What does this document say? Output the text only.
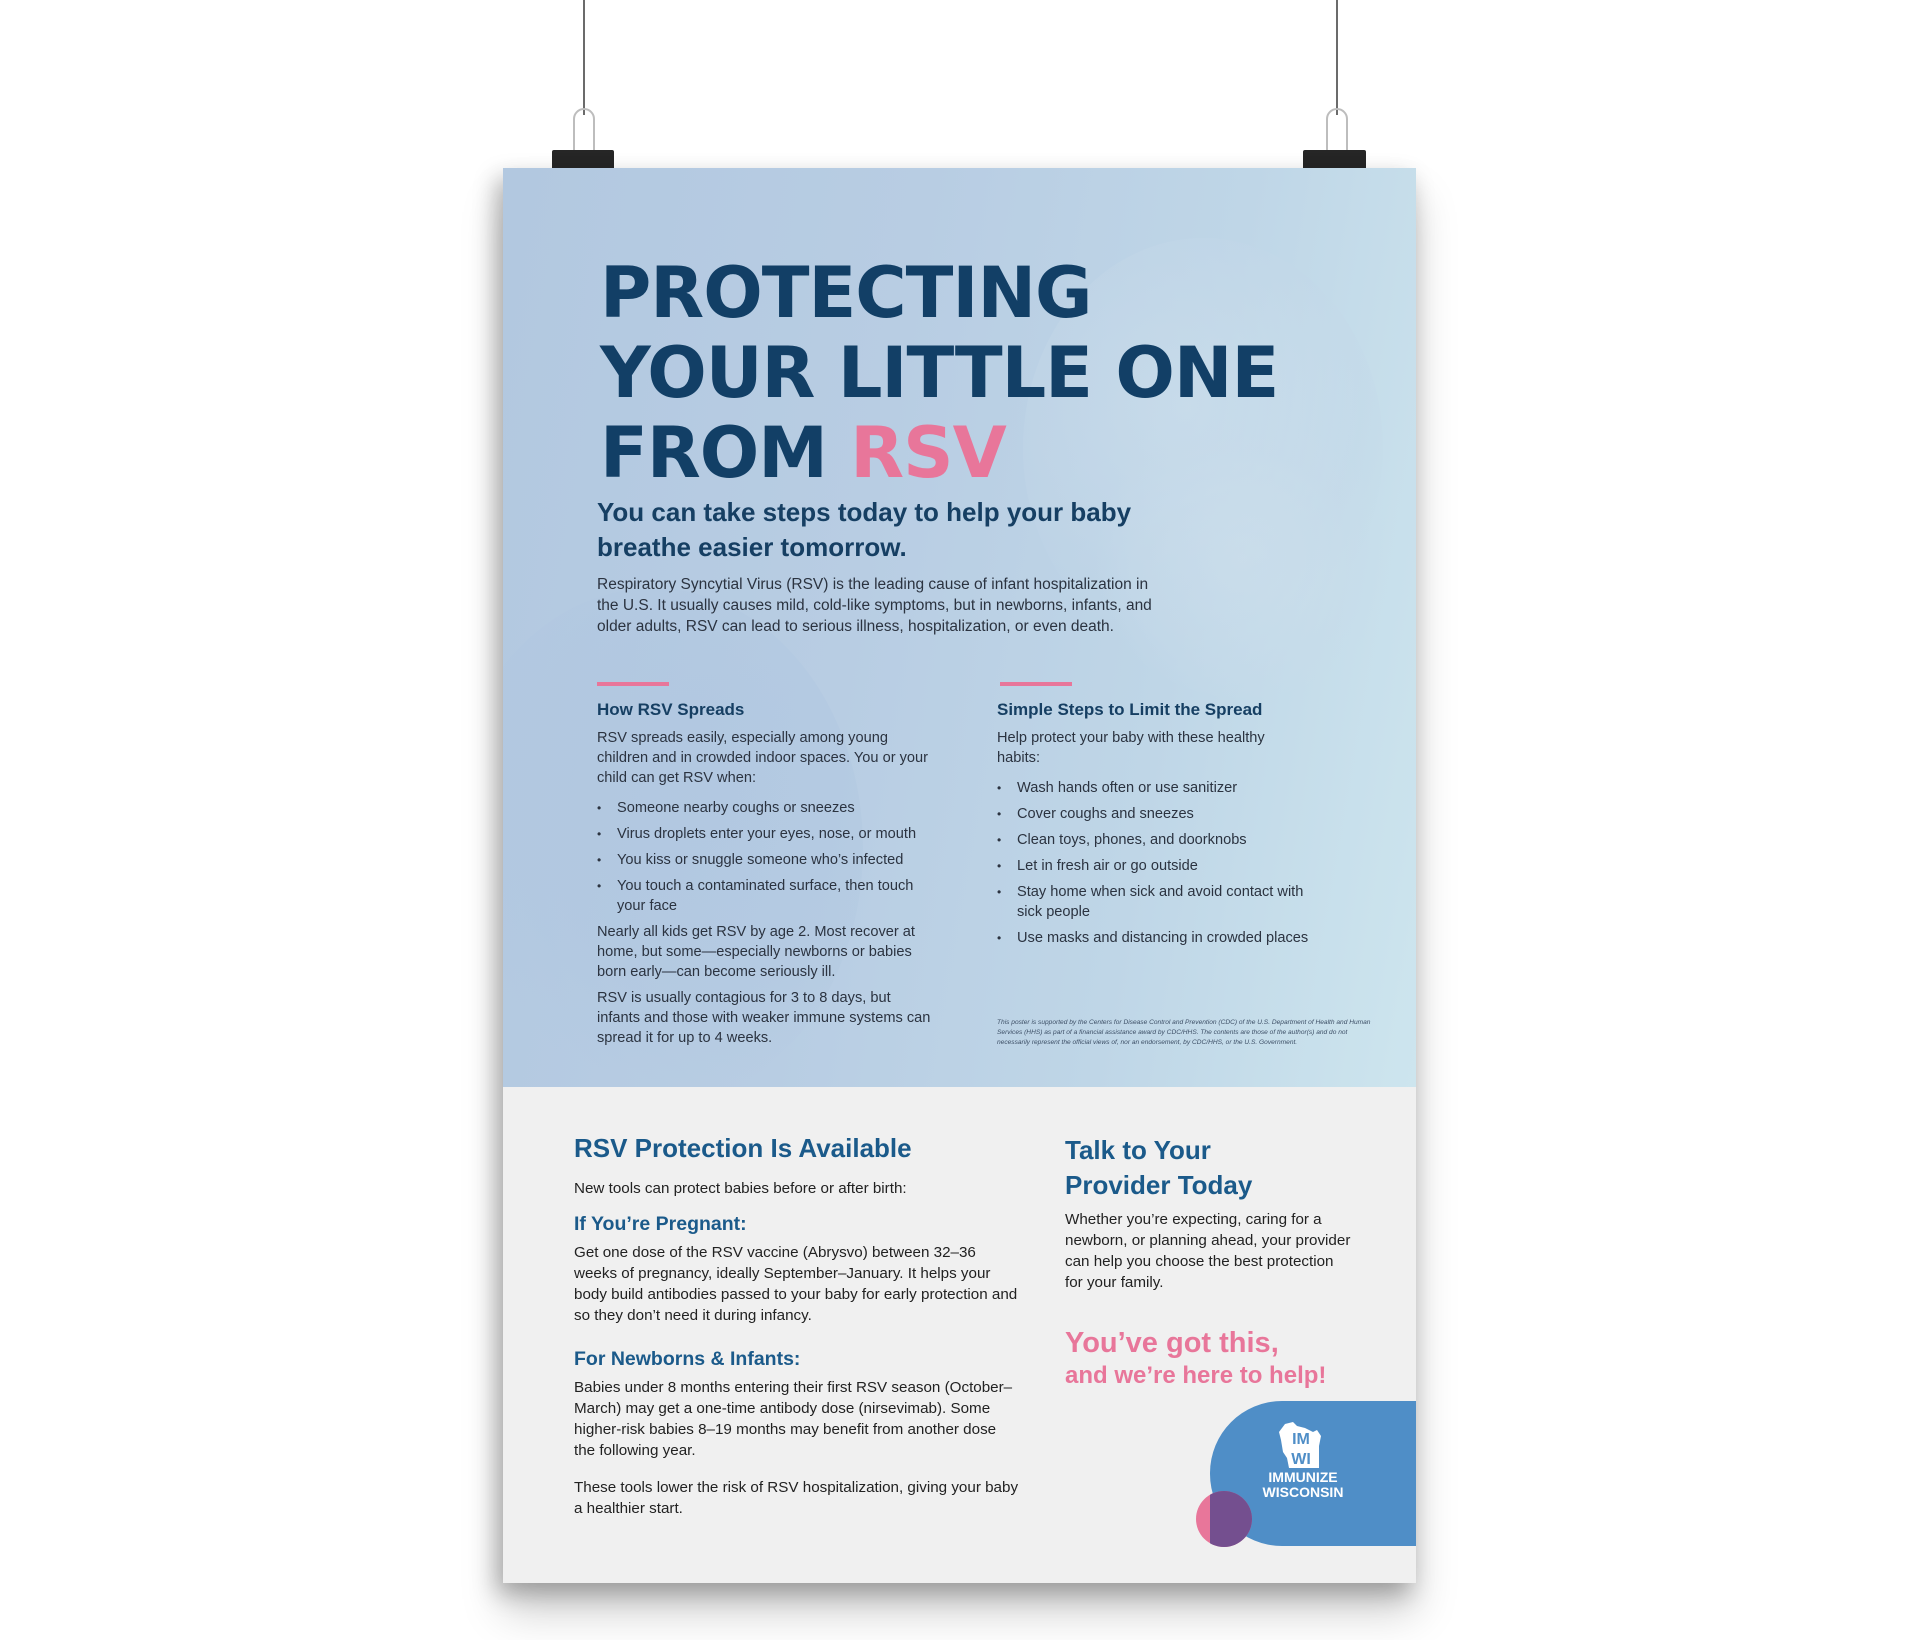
PROTECTING
YOUR LITTLE ONE
FROM RSV
You can take steps today to help your baby breathe easier tomorrow.
Respiratory Syncytial Virus (RSV) is the leading cause of infant hospitalization in the U.S. It usually causes mild, cold-like symptoms, but in newborns, infants, and older adults, RSV can lead to serious illness, hospitalization, or even death.
How RSV Spreads
RSV spreads easily, especially among young children and in crowded indoor spaces. You or your child can get RSV when:
• Someone nearby coughs or sneezes
• Virus droplets enter your eyes, nose, or mouth
• You kiss or snuggle someone who’s infected
• You touch a contaminated surface, then touch your face
Nearly all kids get RSV by age 2. Most recover at home, but some—especially newborns or babies born early—can become seriously ill.
RSV is usually contagious for 3 to 8 days, but infants and those with weaker immune systems can spread it for up to 4 weeks.
Simple Steps to Limit the Spread
Help protect your baby with these healthy habits:
• Wash hands often or use sanitizer
• Cover coughs and sneezes
• Clean toys, phones, and doorknobs
• Let in fresh air or go outside
• Stay home when sick and avoid contact with sick people
• Use masks and distancing in crowded places
This poster is supported by the Centers for Disease Control and Prevention (CDC) of the U.S. Department of Health and Human Services (HHS) as part of a financial assistance award by CDC/HHS. The contents are those of the author(s) and do not necessarily represent the official views of, nor an endorsement, by CDC/HHS, or the U.S. Government.
RSV Protection Is Available
New tools can protect babies before or after birth:
If You’re Pregnant:
Get one dose of the RSV vaccine (Abrysvo) between 32–36 weeks of pregnancy, ideally September–January. It helps your body build antibodies passed to your baby for early protection and so they don’t need it during infancy.
For Newborns & Infants:
Babies under 8 months entering their first RSV season (October–March) may get a one-time antibody dose (nirsevimab). Some higher-risk babies 8–19 months may benefit from another dose the following year.
These tools lower the risk of RSV hospitalization, giving your baby a healthier start.
Talk to Your
Provider Today
Whether you’re expecting, caring for a newborn, or planning ahead, your provider can help you choose the best protection for your family.
You’ve got this,
and we’re here to help!
IM
WI
IMMUNIZE
WISCONSIN
